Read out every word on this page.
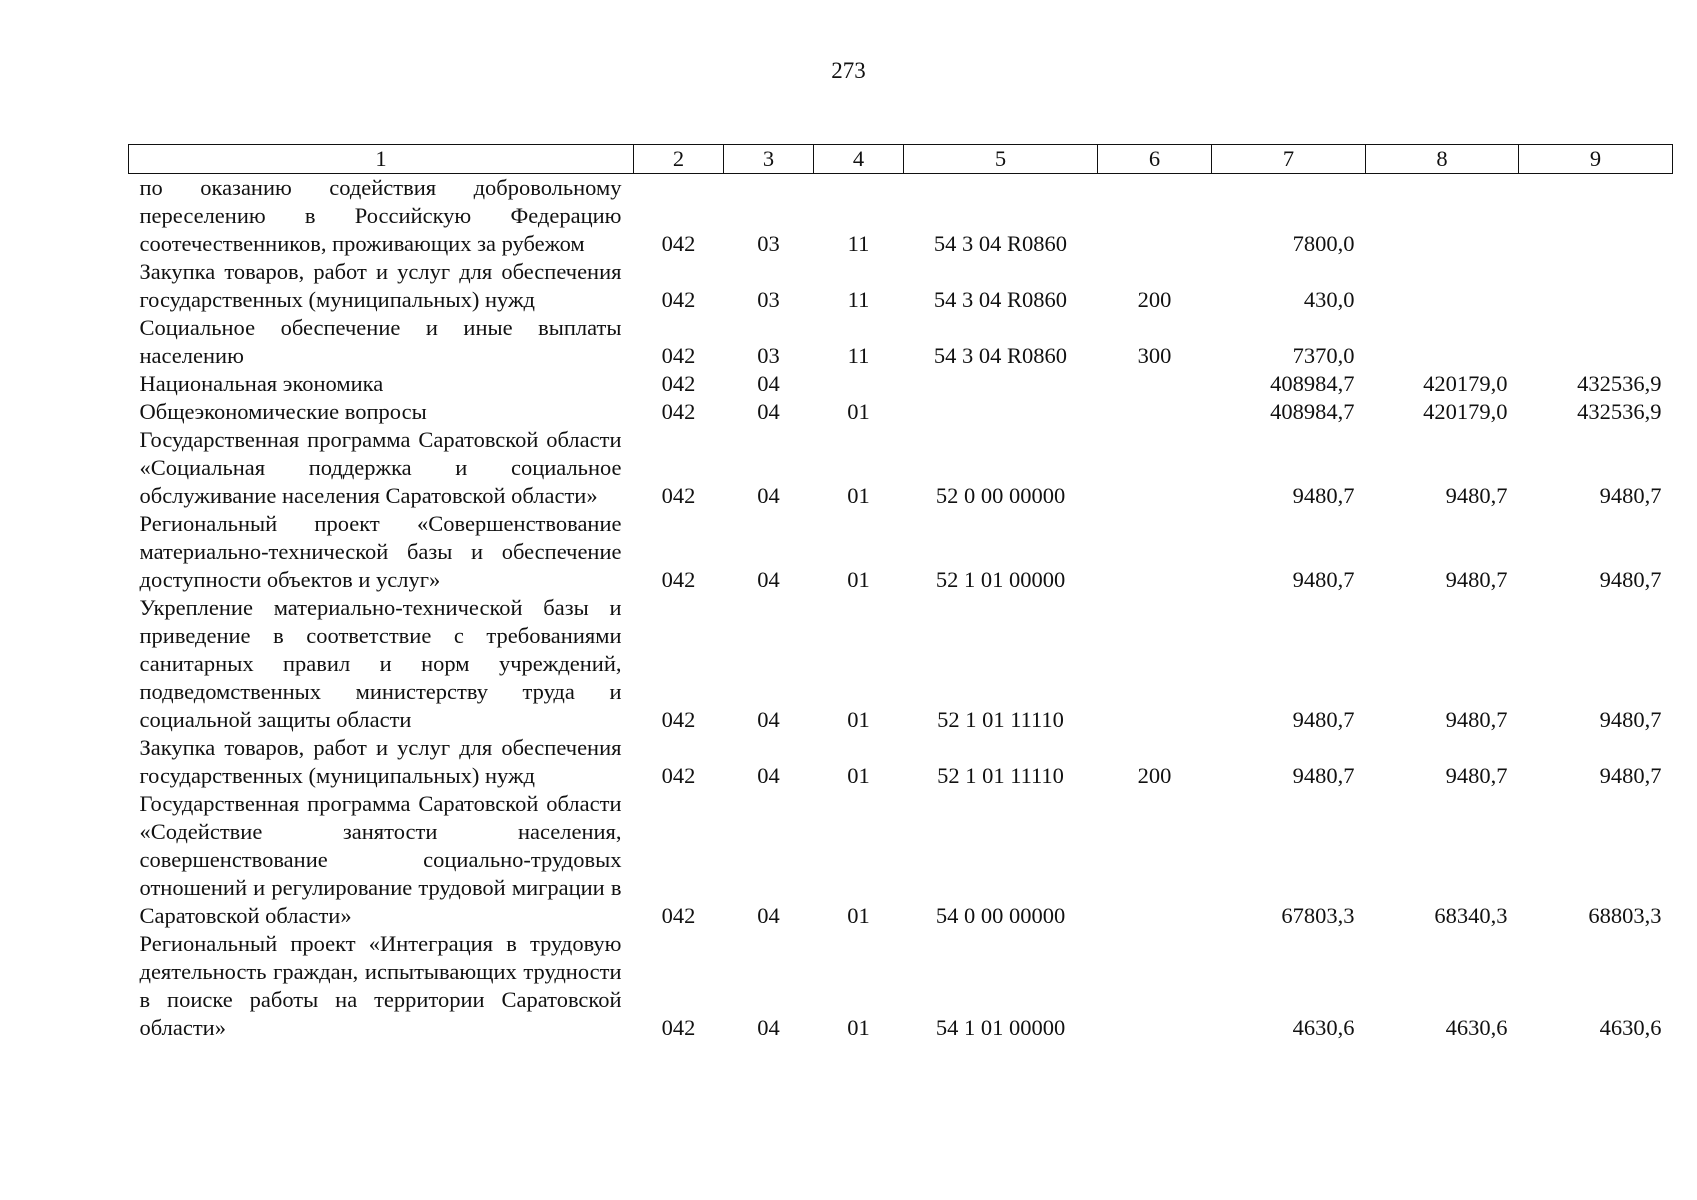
273
1	2	3	4	5	6	7	8	9
по оказанию содействия добровольному переселению в Российскую Федерацию соотечественников, проживающих за рубежом	042	03	11	54 3 04 R0860		7800,0		
Закупка товаров, работ и услуг для обеспечения государственных (муниципальных) нужд	042	03	11	54 3 04 R0860	200	430,0		
Социальное обеспечение и иные выплаты населению	042	03	11	54 3 04 R0860	300	7370,0		
Национальная экономика	042	04				408984,7	420179,0	432536,9
Общеэкономические вопросы	042	04	01			408984,7	420179,0	432536,9
Государственная программа Саратовской области «Социальная поддержка и социальное обслуживание населения Саратовской области»	042	04	01	52 0 00 00000		9480,7	9480,7	9480,7
Региональный проект «Совершенствование материально-технической базы и обеспечение доступности объектов и услуг»	042	04	01	52 1 01 00000		9480,7	9480,7	9480,7
Укрепление материально-технической базы и приведение в соответствие с требованиями санитарных правил и норм учреждений, подведомственных министерству труда и социальной защиты области	042	04	01	52 1 01 11110		9480,7	9480,7	9480,7
Закупка товаров, работ и услуг для обеспечения государственных (муниципальных) нужд	042	04	01	52 1 01 11110	200	9480,7	9480,7	9480,7
Государственная программа Саратовской области «Содействие занятости населения, совершенствование социально-трудовых отношений и регулирование трудовой миграции в Саратовской области»	042	04	01	54 0 00 00000		67803,3	68340,3	68803,3
Региональный проект «Интеграция в трудовую деятельность граждан, испытывающих трудности в поиске работы на территории Саратовской области»	042	04	01	54 1 01 00000		4630,6	4630,6	4630,6
